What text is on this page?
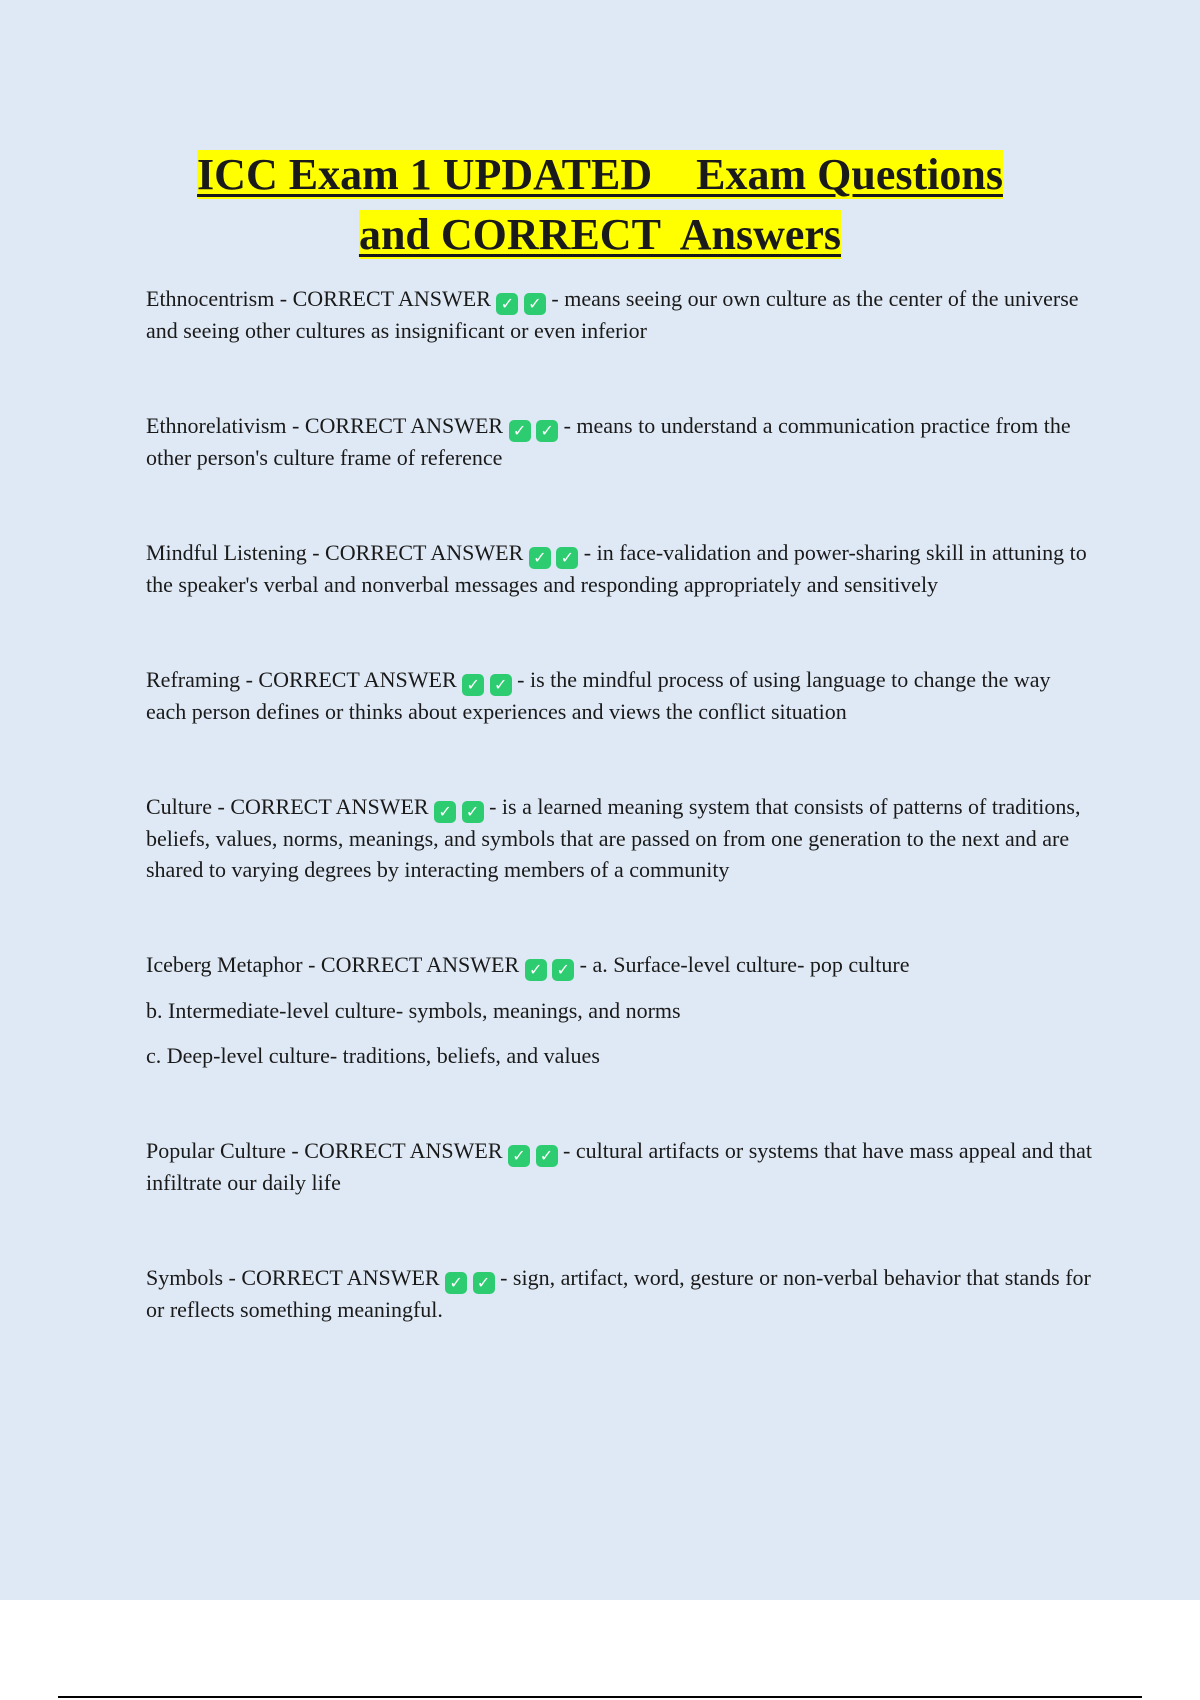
ICC Exam 1 UPDATED    Exam Questions
and CORRECT  Answers

Ethnocentrism - CORRECT ANSWER ✓ ✓ - means seeing our own culture as the center of the universe and seeing other cultures as insignificant or even inferior

Ethnorelativism - CORRECT ANSWER ✓ ✓ - means to understand a communication practice from the other person's culture frame of reference

Mindful Listening - CORRECT ANSWER ✓ ✓ - in face-validation and power-sharing skill in attuning to the speaker's verbal and nonverbal messages and responding appropriately and sensitively

Reframing - CORRECT ANSWER ✓ ✓ - is the mindful process of using language to change the way each person defines or thinks about experiences and views the conflict situation

Culture - CORRECT ANSWER ✓ ✓ - is a learned meaning system that consists of patterns of traditions, beliefs, values, norms, meanings, and symbols that are passed on from one generation to the next and are shared to varying degrees by interacting members of a community

Iceberg Metaphor - CORRECT ANSWER ✓ ✓ - a. Surface-level culture- pop culture

b. Intermediate-level culture- symbols, meanings, and norms

c. Deep-level culture- traditions, beliefs, and values

Popular Culture - CORRECT ANSWER ✓ ✓ - cultural artifacts or systems that have mass appeal and that infiltrate our daily life

Symbols - CORRECT ANSWER ✓ ✓ - sign, artifact, word, gesture or non-verbal behavior that stands for or reflects something meaningful.
